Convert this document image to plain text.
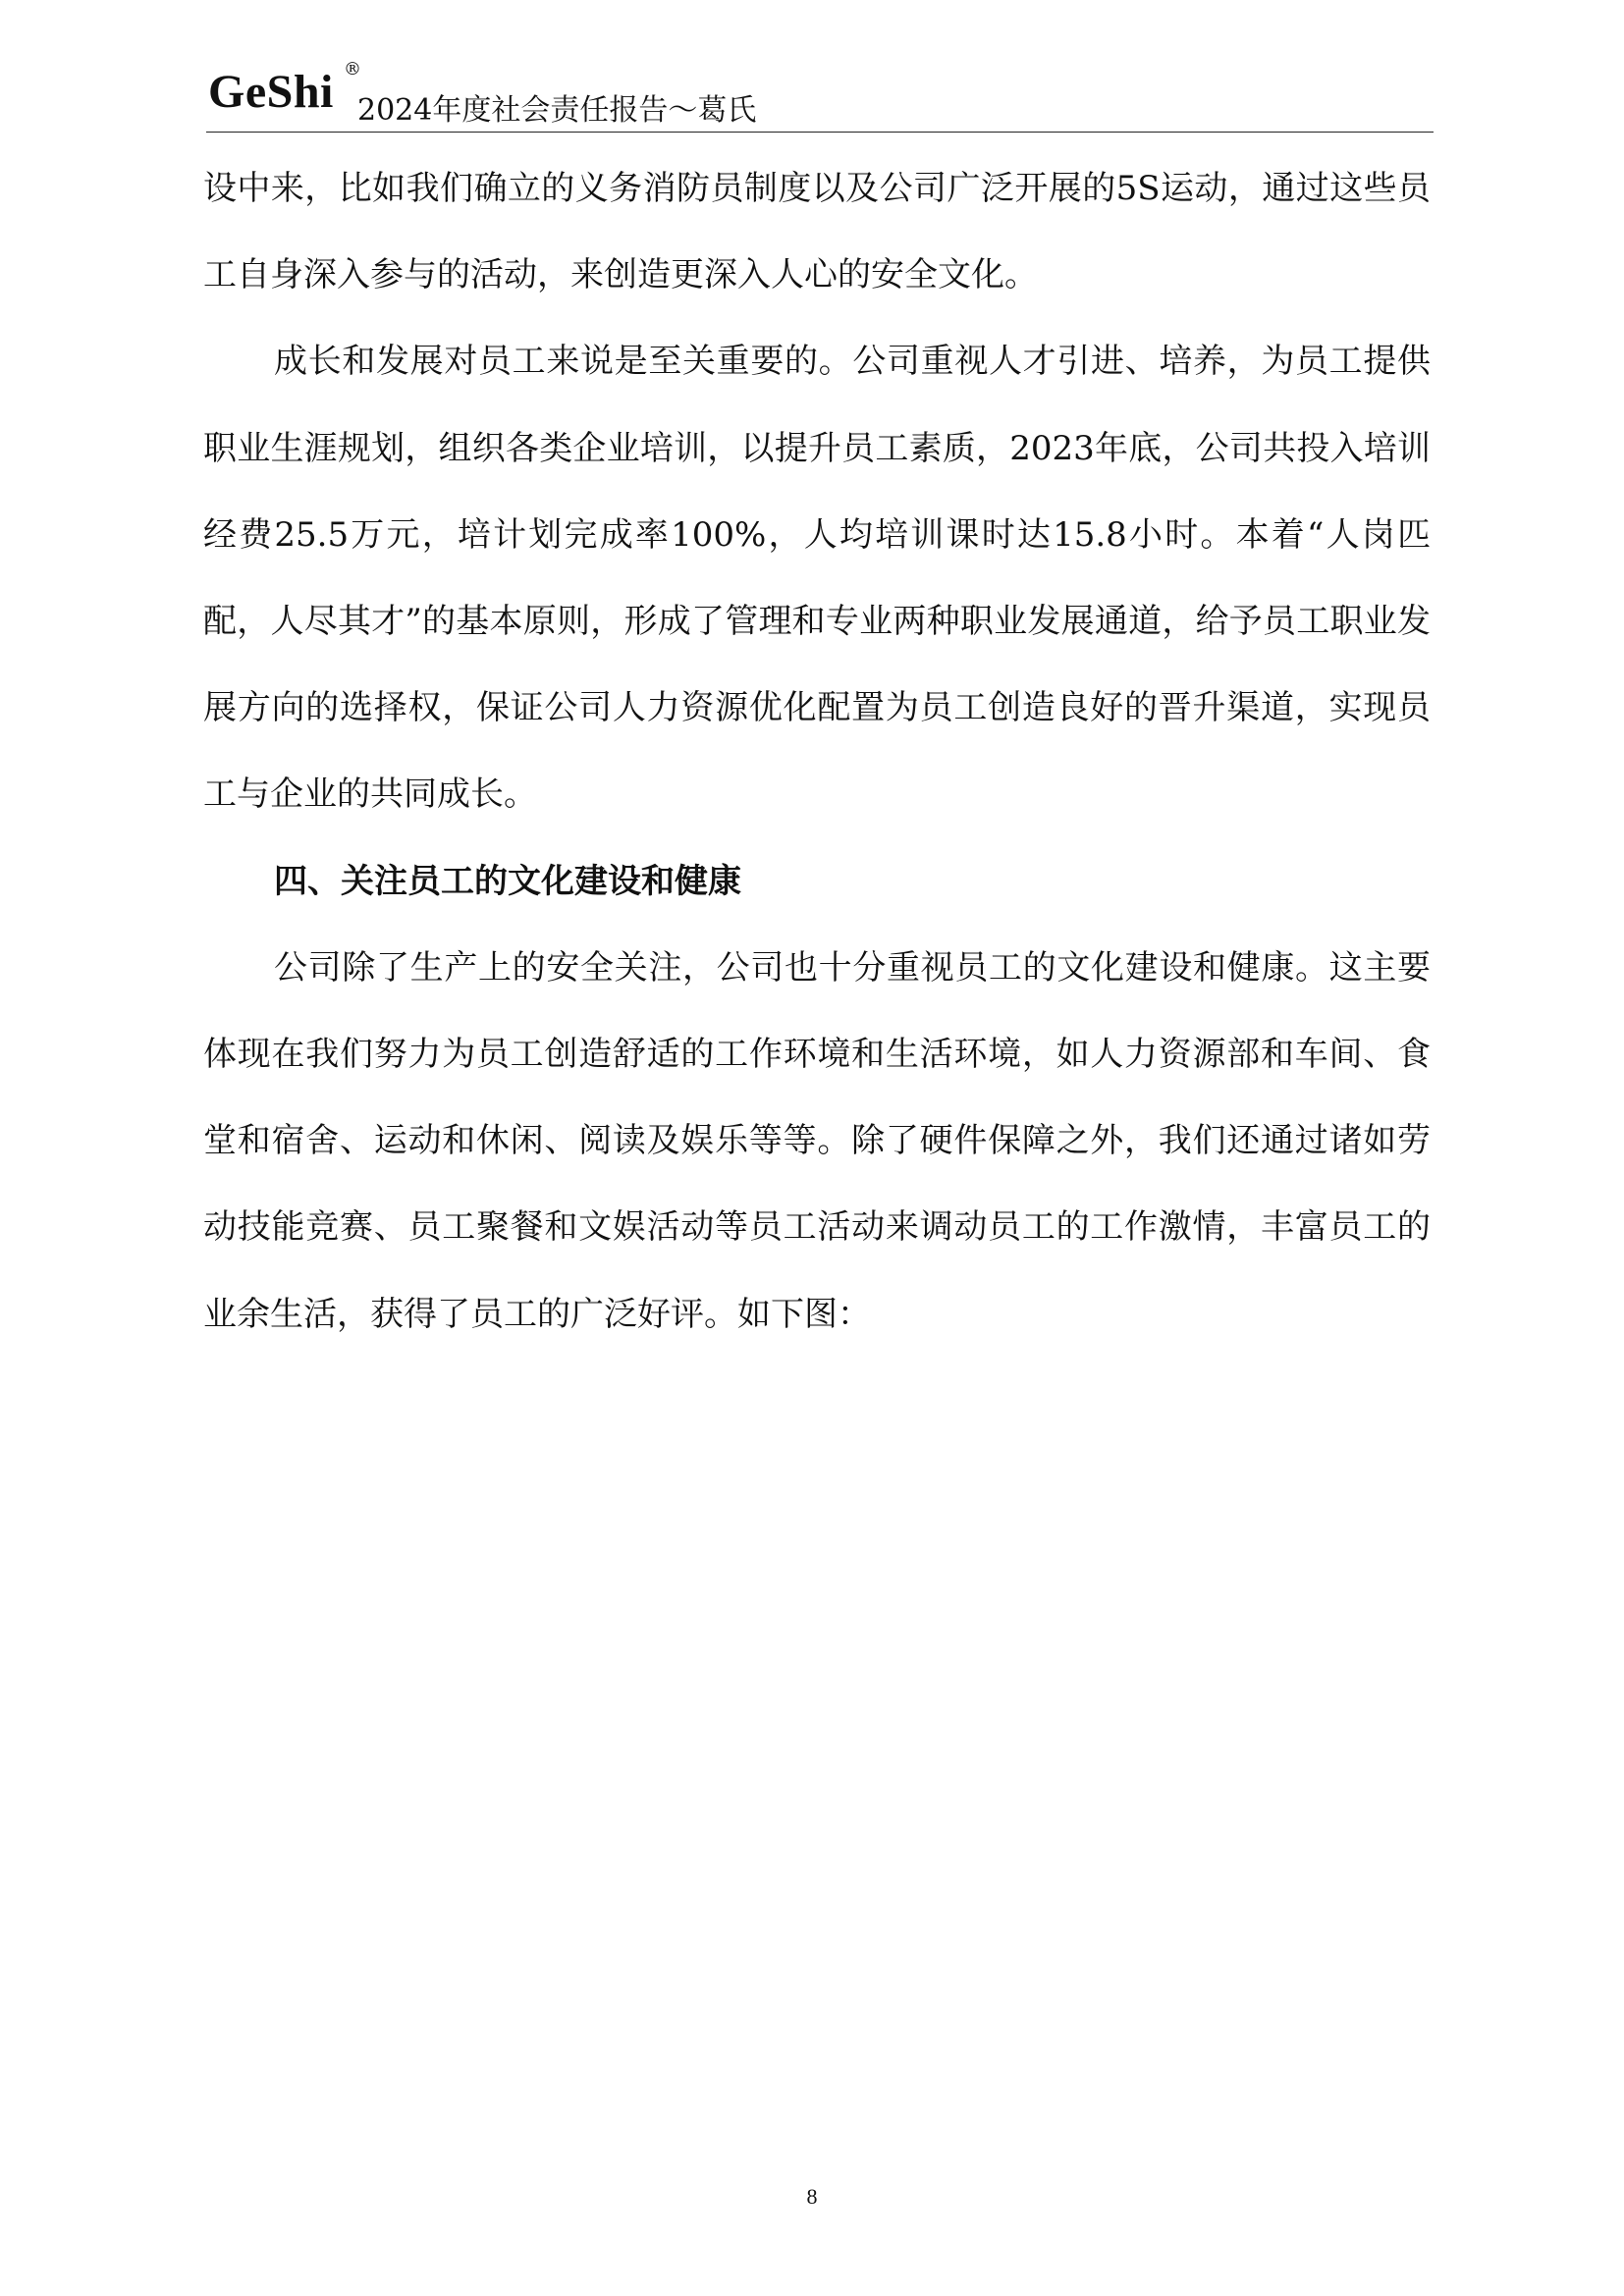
GeShi ®
2024年度社会责任报告～葛氏

设中来，比如我们确立的义务消防员制度以及公司广泛开展的5S运动，通过这些员工自身深入参与的活动，来创造更深入人心的安全文化。

成长和发展对员工来说是至关重要的。公司重视人才引进、培养，为员工提供职业生涯规划，组织各类企业培训，以提升员工素质，2023年底，公司共投入培训经费25.5万元，培计划完成率100%，人均培训课时达15.8小时。本着“人岗匹配，人尽其才”的基本原则，形成了管理和专业两种职业发展通道，给予员工职业发展方向的选择权，保证公司人力资源优化配置为员工创造良好的晋升渠道，实现员工与企业的共同成长。

四、关注员工的文化建设和健康

公司除了生产上的安全关注，公司也十分重视员工的文化建设和健康。这主要体现在我们努力为员工创造舒适的工作环境和生活环境，如人力资源部和车间、食堂和宿舍、运动和休闲、阅读及娱乐等等。除了硬件保障之外，我们还通过诸如劳动技能竞赛、员工聚餐和文娱活动等员工活动来调动员工的工作激情，丰富员工的业余生活，获得了员工的广泛好评。如下图：

8
